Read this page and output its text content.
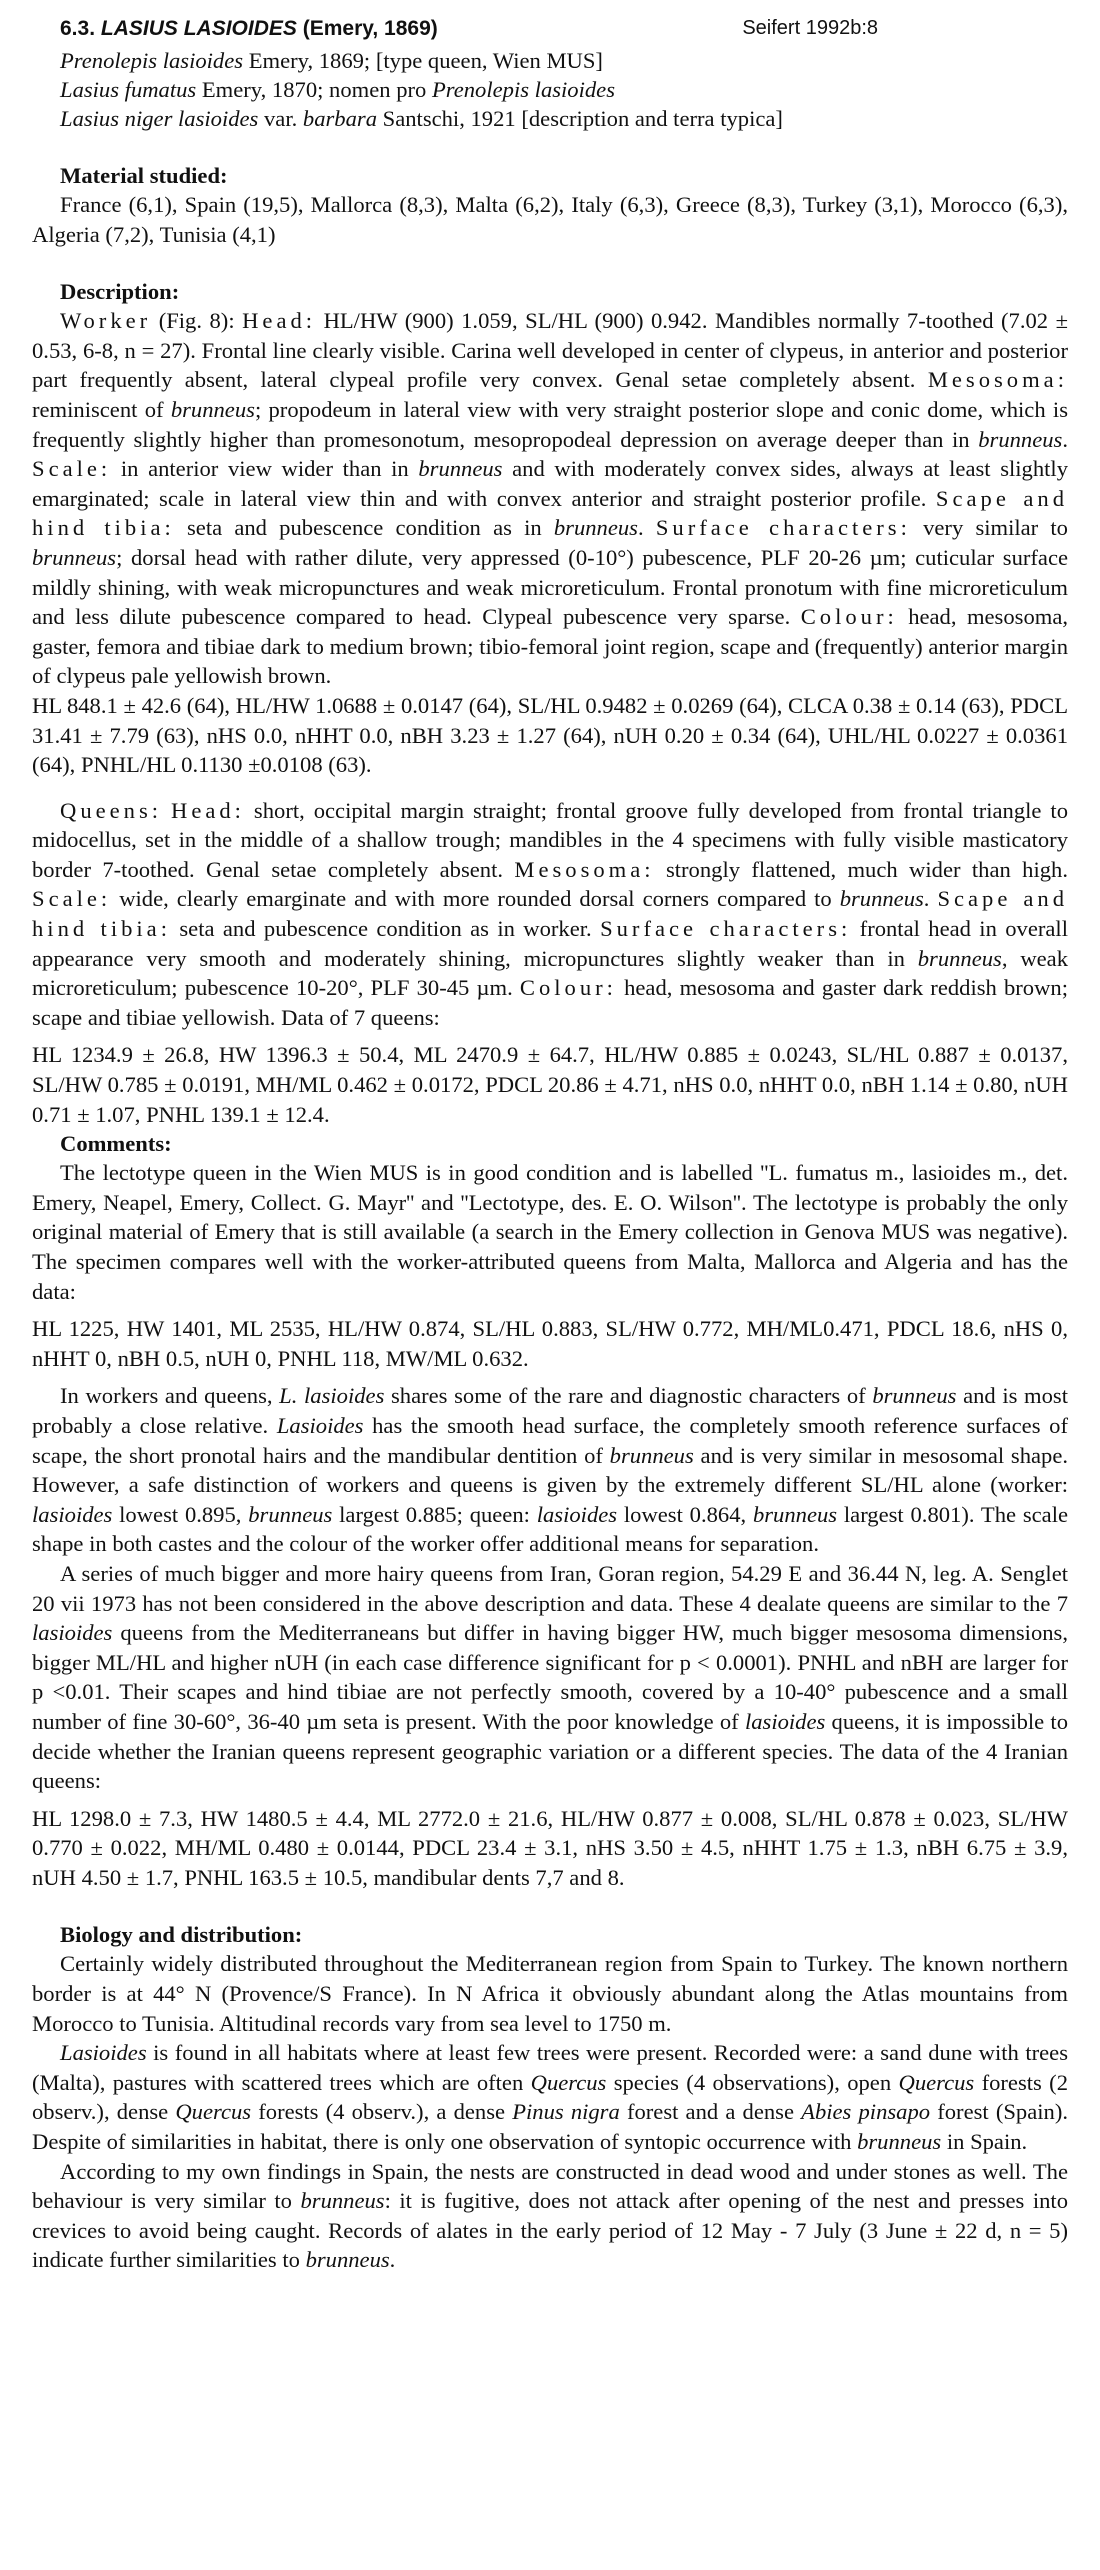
6.3. LASIUS LASIOIDES (Emery, 1869)	Seifert 1992b:8
Prenolepis lasioides Emery, 1869; [type queen, Wien MUS]
Lasius fumatus Emery, 1870; nomen pro Prenolepis lasioides
Lasius niger lasioides var. barbara Santschi, 1921 [description and terra typica]
Material studied:

France (6,1), Spain (19,5), Mallorca (8,3), Malta (6,2), Italy (6,3), Greece (8,3), Turkey (3,1), Morocco (6,3), Algeria (7,2), Tunisia (4,1)

Description:

Worker (Fig. 8): Head: HL/HW (900) 1.059, SL/HL (900) 0.942. Mandibles normally 7-toothed (7.02 ± 0.53, 6-8, n = 27). Frontal line clearly visible. Carina well developed in center of clypeus, in anterior and posterior part frequently absent, lateral clypeal profile very convex. Genal setae completely absent. Mesosoma: reminiscent of brunneus; propodeum in lateral view with very straight posterior slope and conic dome, which is frequently slightly higher than promesonotum, mesopropodeal depression on average deeper than in brunneus. Scale: in anterior view wider than in brunneus and with moderately convex sides, always at least slightly emarginated; scale in lateral view thin and with convex anterior and straight posterior profile. Scape and hind tibia: seta and pubescence condition as in brunneus. Surface characters: very similar to brunneus; dorsal head with rather dilute, very appressed (0-10°) pubescence, PLF 20-26 µm; cuticular surface mildly shining, with weak micropunctures and weak microreticulum. Frontal pronotum with fine microreticulum and less dilute pubescence compared to head. Clypeal pubescence very sparse. Colour: head, mesosoma, gaster, femora and tibiae dark to medium brown; tibio-femoral joint region, scape and (frequently) anterior margin of clypeus pale yellowish brown.

HL 848.1 ± 42.6 (64), HL/HW 1.0688 ± 0.0147 (64), SL/HL 0.9482 ± 0.0269 (64), CLCA 0.38 ± 0.14 (63), PDCL 31.41 ± 7.79 (63), nHS 0.0, nHHT 0.0, nBH 3.23 ± 1.27 (64), nUH 0.20 ± 0.34 (64), UHL/HL 0.0227 ± 0.0361 (64), PNHL/HL 0.1130 ±0.0108 (63).

Queens: Head: short, occipital margin straight; frontal groove fully developed from frontal triangle to midocellus, set in the middle of a shallow trough; mandibles in the 4 specimens with fully visible masticatory border 7-toothed. Genal setae completely absent. Mesosoma: strongly flattened, much wider than high. Scale: wide, clearly emarginate and with more rounded dorsal corners compared to brunneus. Scape and hind tibia: seta and pubescence condition as in worker. Surface characters: frontal head in overall appearance very smooth and moderately shining, micropunctures slightly weaker than in brunneus, weak microreticulum; pubescence 10-20°, PLF 30-45 µm. Colour: head, mesosoma and gaster dark reddish brown; scape and tibiae yellowish. Data of 7 queens:

HL 1234.9 ± 26.8, HW 1396.3 ± 50.4, ML 2470.9 ± 64.7, HL/HW 0.885 ± 0.0243, SL/HL 0.887 ± 0.0137, SL/HW 0.785 ± 0.0191, MH/ML 0.462 ± 0.0172, PDCL 20.86 ± 4.71, nHS 0.0, nHHT 0.0, nBH 1.14 ± 0.80, nUH 0.71 ± 1.07, PNHL 139.1 ± 12.4.

Comments:

The lectotype queen in the Wien MUS is in good condition and is labelled ''L. fumatus m., lasioides m., det. Emery, Neapel, Emery, Collect. G. Mayr'' and ''Lectotype, des. E. O. Wilson''. The lectotype is probably the only original material of Emery that is still available (a search in the Emery collection in Genova MUS was negative). The specimen compares well with the worker-attributed queens from Malta, Mallorca and Algeria and has the data:

HL 1225, HW 1401, ML 2535, HL/HW 0.874, SL/HL 0.883, SL/HW 0.772, MH/ML0.471, PDCL 18.6, nHS 0, nHHT 0, nBH 0.5, nUH 0, PNHL 118, MW/ML 0.632.

In workers and queens, L. lasioides shares some of the rare and diagnostic characters of brunneus and is most probably a close relative. Lasioides has the smooth head surface, the completely smooth reference surfaces of scape, the short pronotal hairs and the mandibular dentition of brunneus and is very similar in mesosomal shape. However, a safe distinction of workers and queens is given by the extremely different SL/HL alone (worker: lasioides lowest 0.895, brunneus largest 0.885; queen: lasioides lowest 0.864, brunneus largest 0.801). The scale shape in both castes and the colour of the worker offer additional means for separation.

A series of much bigger and more hairy queens from Iran, Goran region, 54.29 E and 36.44 N, leg. A. Senglet 20 vii 1973 has not been considered in the above description and data. These 4 dealate queens are similar to the 7 lasioides queens from the Mediterraneans but differ in having bigger HW, much bigger mesosoma dimensions, bigger ML/HL and higher nUH (in each case difference significant for p < 0.0001). PNHL and nBH are larger for p <0.01. Their scapes and hind tibiae are not perfectly smooth, covered by a 10-40° pubescence and a small number of fine 30-60°, 36-40 µm seta is present. With the poor knowledge of lasioides queens, it is impossible to decide whether the Iranian queens represent geographic variation or a different species. The data of the 4 Iranian queens:

HL 1298.0 ± 7.3, HW 1480.5 ± 4.4, ML 2772.0 ± 21.6, HL/HW 0.877 ± 0.008, SL/HL 0.878 ± 0.023, SL/HW 0.770 ± 0.022, MH/ML 0.480 ± 0.0144, PDCL 23.4 ± 3.1, nHS 3.50 ± 4.5, nHHT 1.75 ± 1.3, nBH 6.75 ± 3.9, nUH 4.50 ± 1.7, PNHL 163.5 ± 10.5, mandibular dents 7,7 and 8.

Biology and distribution:

Certainly widely distributed throughout the Mediterranean region from Spain to Turkey. The known northern border is at 44° N (Provence/S France). In N Africa it obviously abundant along the Atlas mountains from Morocco to Tunisia. Altitudinal records vary from sea level to 1750 m.

Lasioides is found in all habitats where at least few trees were present. Recorded were: a sand dune with trees (Malta), pastures with scattered trees which are often Quercus species (4 observations), open Quercus forests (2 observ.), dense Quercus forests (4 observ.), a dense Pinus nigra forest and a dense Abies pinsapo forest (Spain). Despite of similarities in habitat, there is only one observation of syntopic occurrence with brunneus in Spain.

According to my own findings in Spain, the nests are constructed in dead wood and under stones as well. The behaviour is very similar to brunneus: it is fugitive, does not attack after opening of the nest and presses into crevices to avoid being caught. Records of alates in the early period of 12 May - 7 July (3 June ± 22 d, n = 5) indicate further similarities to brunneus.
